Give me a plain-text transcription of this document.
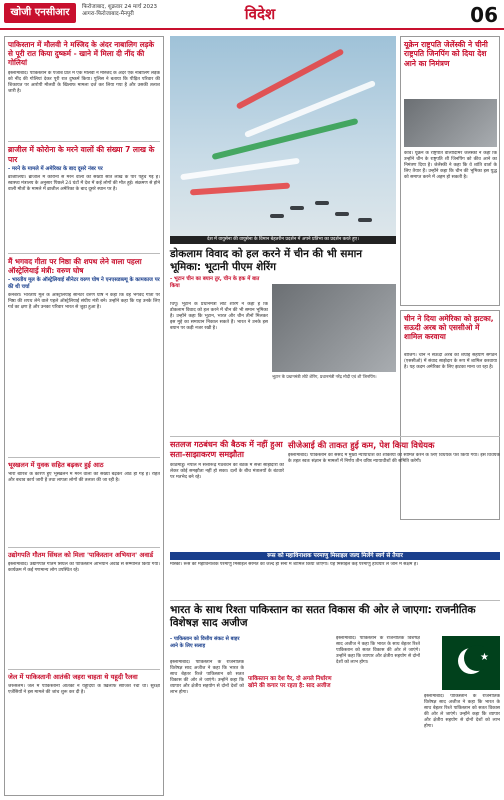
खोजी एनसीआर	फिरोजाबाद, शुक्रवार 24 मार्च 2023
आगरा-फिरोजाबाद-मैनपुरी	विदेश	06
पाकिस्तान में मौलवी ने मस्जिद के अंदर नाबालिग लड़के से पूरी रात किया दुष्कर्म - खाने में मिला दी नींद की गोलियां
इस्लामाबाद। पाकिस्तान के पंजाब प्रांत में एक मौलवी ने मस्जिद के अंदर एक नाबालिग लड़के को नींद की गोलियां देकर पूरी रात दुष्कर्म किया। पुलिस ने बताया कि पीड़ित परिवार की शिकायत पर आरोपी मौलवी के खिलाफ मामला दर्ज कर लिया गया है और उसकी तलाश जारी है।
ब्राजील में कोरोना के मरने वालों की संख्या 7 लाख के पार
- मरने के मामले में अमेरिका के बाद दूसरे नंबर पर
ब्राजीलिया। ब्राजील में कोरोना से मरने वालों की संख्या सात लाख के पार पहुंच गई है। स्वास्थ्य मंत्रालय के अनुसार पिछले 24 घंटों में देश में कई लोगों की मौत हुई। संक्रमण से होने वाली मौतों के मामले में ब्राजील अमेरिका के बाद दूसरे स्थान पर है।
मैं भगवद गीता पर निष्ठा की शपथ लेने वाला पहला ऑस्ट्रेलियाई मंत्री: वरुण घोष
- भारतीय मूल के ऑस्ट्रेलियाई सीनेटर वरुण घोष ने एनएसडब्ल्यू के कामकाज पर की थी चर्चा
कैनबरा। भारतीय मूल के ऑस्ट्रेलियाई सीनेटर वरुण घोष ने कहा कि वह भगवद गीता पर निष्ठा की शपथ लेने वाले पहले ऑस्ट्रेलियाई संघीय मंत्री बने। उन्होंने कहा कि यह उनके लिए गर्व का क्षण है और उनका परिवार भारत से जुड़ा हुआ है।
भूस्खलन में युवक सहित बढ़कर हुई आठ
भारी बारिश के कारण हुए भूस्खलन में मरने वालों की संख्या बढ़कर आठ हो गई है। राहत और बचाव कार्य जारी है तथा लापता लोगों की तलाश की जा रही है।
उद्योगपति गौतम सिंघल को मिला 'पाकिस्तान अभियान' अवार्ड
इस्लामाबाद। उद्योगपति गौतम सिंघल को पाकिस्तान अभियान अवार्ड से सम्मानित किया गया। कार्यक्रम में कई गणमान्य लोग उपस्थित रहे।
जेल में पाकिस्तानी आतंकी जहरा चाहता थे यहूदी रैलवा
जेरुसलम। जेल में पाकिस्तानी आतंकी ने यहूदियों के खिलाफ साजिश रची थी। सुरक्षा एजेंसियों ने इस मामले की जांच शुरू कर दी है।
देश में वायुसेना की वायुसेना के विमान बेहतरीन प्रदर्शन में अपने प्रतिभा का प्रदर्शन करते हुए।
यूक्रेन राष्ट्रपति जेलेंस्की ने चीनी राष्ट्रपति जिनपिंग को दिया देश आने का निमंत्रण
कीव। यूक्रेन के राष्ट्रपति वोलोदिमिर जेलेंस्की ने कहा कि उन्होंने चीन के राष्ट्रपति शी जिनपिंग को कीव आने का निमंत्रण दिया है। जेलेंस्की ने कहा कि वे शांति वार्ता के लिए तैयार हैं। उन्होंने कहा कि चीन की भूमिका इस युद्ध को समाप्त करने में अहम हो सकती है।
चीन ने दिया अमेरिका को झटका, सऊदी अरब को एससीओ में शामिल करवाया
बीजिंग। चीन ने सऊदी अरब को शंघाई सहयोग संगठन (एससीओ) में संवाद साझेदार के रूप में शामिल करवाया है। यह कदम अमेरिका के लिए झटका माना जा रहा है।
डोकलाम विवाद को हल करने में चीन की भी समान भूमिका: भूटानी पीएम शेरिंग
- भूटान चीन का बयान तुर, चीन के हक में बात किया
थिंपू। भूटान के प्रधानमंत्री लोटे शेरिंग ने कहा है कि डोकलाम विवाद को हल करने में चीन की भी समान भूमिका है। उन्होंने कहा कि भूटान, भारत और चीन तीनों मिलकर इस मुद्दे का समाधान निकाल सकते हैं। भारत ने उनके इस बयान पर कड़ी नजर रखी है।
भूटान के प्रधानमंत्री लोटे शेरिंग, प्रधानमंत्री नरेंद्र मोदी एवं शी जिनपिंग।
सतलज गठबंधन की बैठक में नहीं हुआ सता-साझाकरण समझौता
काठमांडू। नेपाल में सत्तारूढ़ गठबंधन की बैठक में सत्ता साझेदारी को लेकर कोई समझौता नहीं हो सका। दलों के बीच मंत्रालयों के बंटवारे पर मतभेद बने रहे।
सीजेआई की ताकत हुई कम, पेश किया विधेयक
इस्लामाबाद। पाकिस्तान की संसद में मुख्य न्यायाधीश की शक्तियों को सीमित करने के लिए विधेयक पेश किया गया। इस विधेयक के तहत स्वतः संज्ञान के मामलों में निर्णय तीन वरिष्ठ न्यायाधीशों की समिति करेगी।
रूस को महाविनाशक परमाणु मिसाइल जल्द मिलेंगे स्वर्ग से तैयार
मॉस्को। रूस की महाविनाशक परमाणु मिसाइल सरमत को जल्द ही सेना में शामिल किया जाएगा। यह मिसाइल कई परमाणु हथियार ले जाने में सक्षम है।
भारत के साथ रिश्ता पाकिस्तान का सतत विकास की ओर ले जाएगा: राजनीतिक विशेषज्ञ साद अजीज
- पाकिस्तान को वित्तीय संकट से बाहर आने के लिए सलाह
पाकिस्तान का देश पैर, दो अगले निर्धारण खोने की कगार पर रहता है: साद अजीज
इस्लामाबाद। पाकिस्तान के राजनीतिक विशेषज्ञ साद अजीज ने कहा कि भारत के साथ बेहतर रिश्ते पाकिस्तान को सतत विकास की ओर ले जाएंगे। उन्होंने कहा कि व्यापार और क्षेत्रीय सहयोग से दोनों देशों को लाभ होगा।
इस्लामाबाद। पाकिस्तान के राजनीतिक विशेषज्ञ साद अजीज ने कहा कि भारत के साथ बेहतर रिश्ते पाकिस्तान को सतत विकास की ओर ले जाएंगे। उन्होंने कहा कि व्यापार और क्षेत्रीय सहयोग से दोनों देशों को लाभ होगा।	★
इस्लामाबाद। पाकिस्तान के राजनीतिक विशेषज्ञ साद अजीज ने कहा कि भारत के साथ बेहतर रिश्ते पाकिस्तान को सतत विकास की ओर ले जाएंगे। उन्होंने कहा कि व्यापार और क्षेत्रीय सहयोग से दोनों देशों को लाभ होगा।
